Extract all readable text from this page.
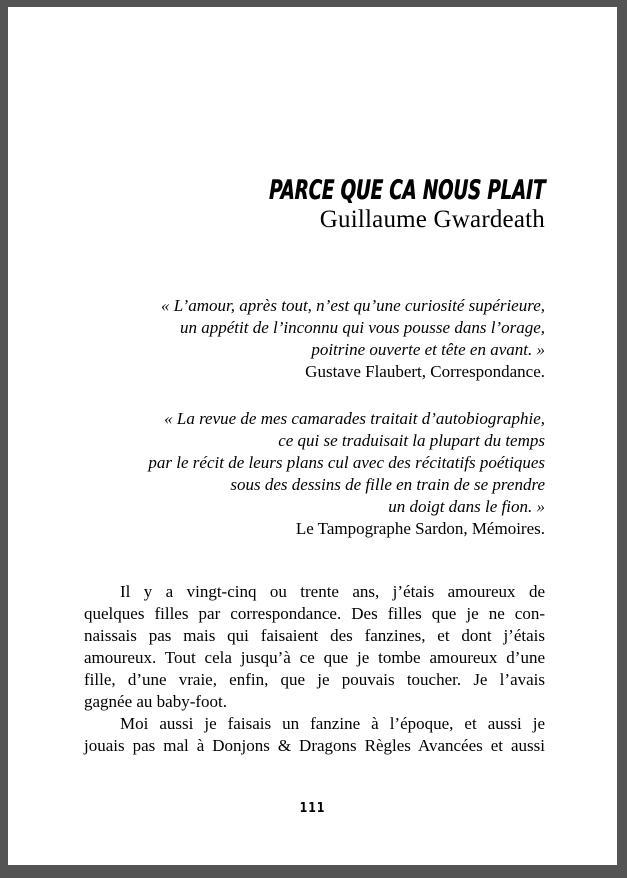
PARCE QUE CA NOUS PLAIT
Guillaume Gwardeath
« L’amour, après tout, n’est qu’une curiosité supérieure,
un appétit de l’inconnu qui vous pousse dans l’orage,
poitrine ouverte et tête en avant. »
Gustave Flaubert, Correspondance.
« La revue de mes camarades traitait d’autobiographie,
ce qui se traduisait la plupart du temps
par le récit de leurs plans cul avec des récitatifs poétiques
sous des dessins de fille en train de se prendre
un doigt dans le fion. »
Le Tampographe Sardon, Mémoires.
Il y a vingt-cinq ou trente ans, j’étais amoureux de
quelques filles par correspondance. Des filles que je ne con-
naissais pas mais qui faisaient des fanzines, et dont j’étais
amoureux. Tout cela jusqu’à ce que je tombe amoureux d’une
fille, d’une vraie, enfin, que je pouvais toucher. Je l’avais
gagnée au baby-foot.
Moi aussi je faisais un fanzine à l’époque, et aussi je
jouais pas mal à Donjons & Dragons Règles Avancées et aussi
111
